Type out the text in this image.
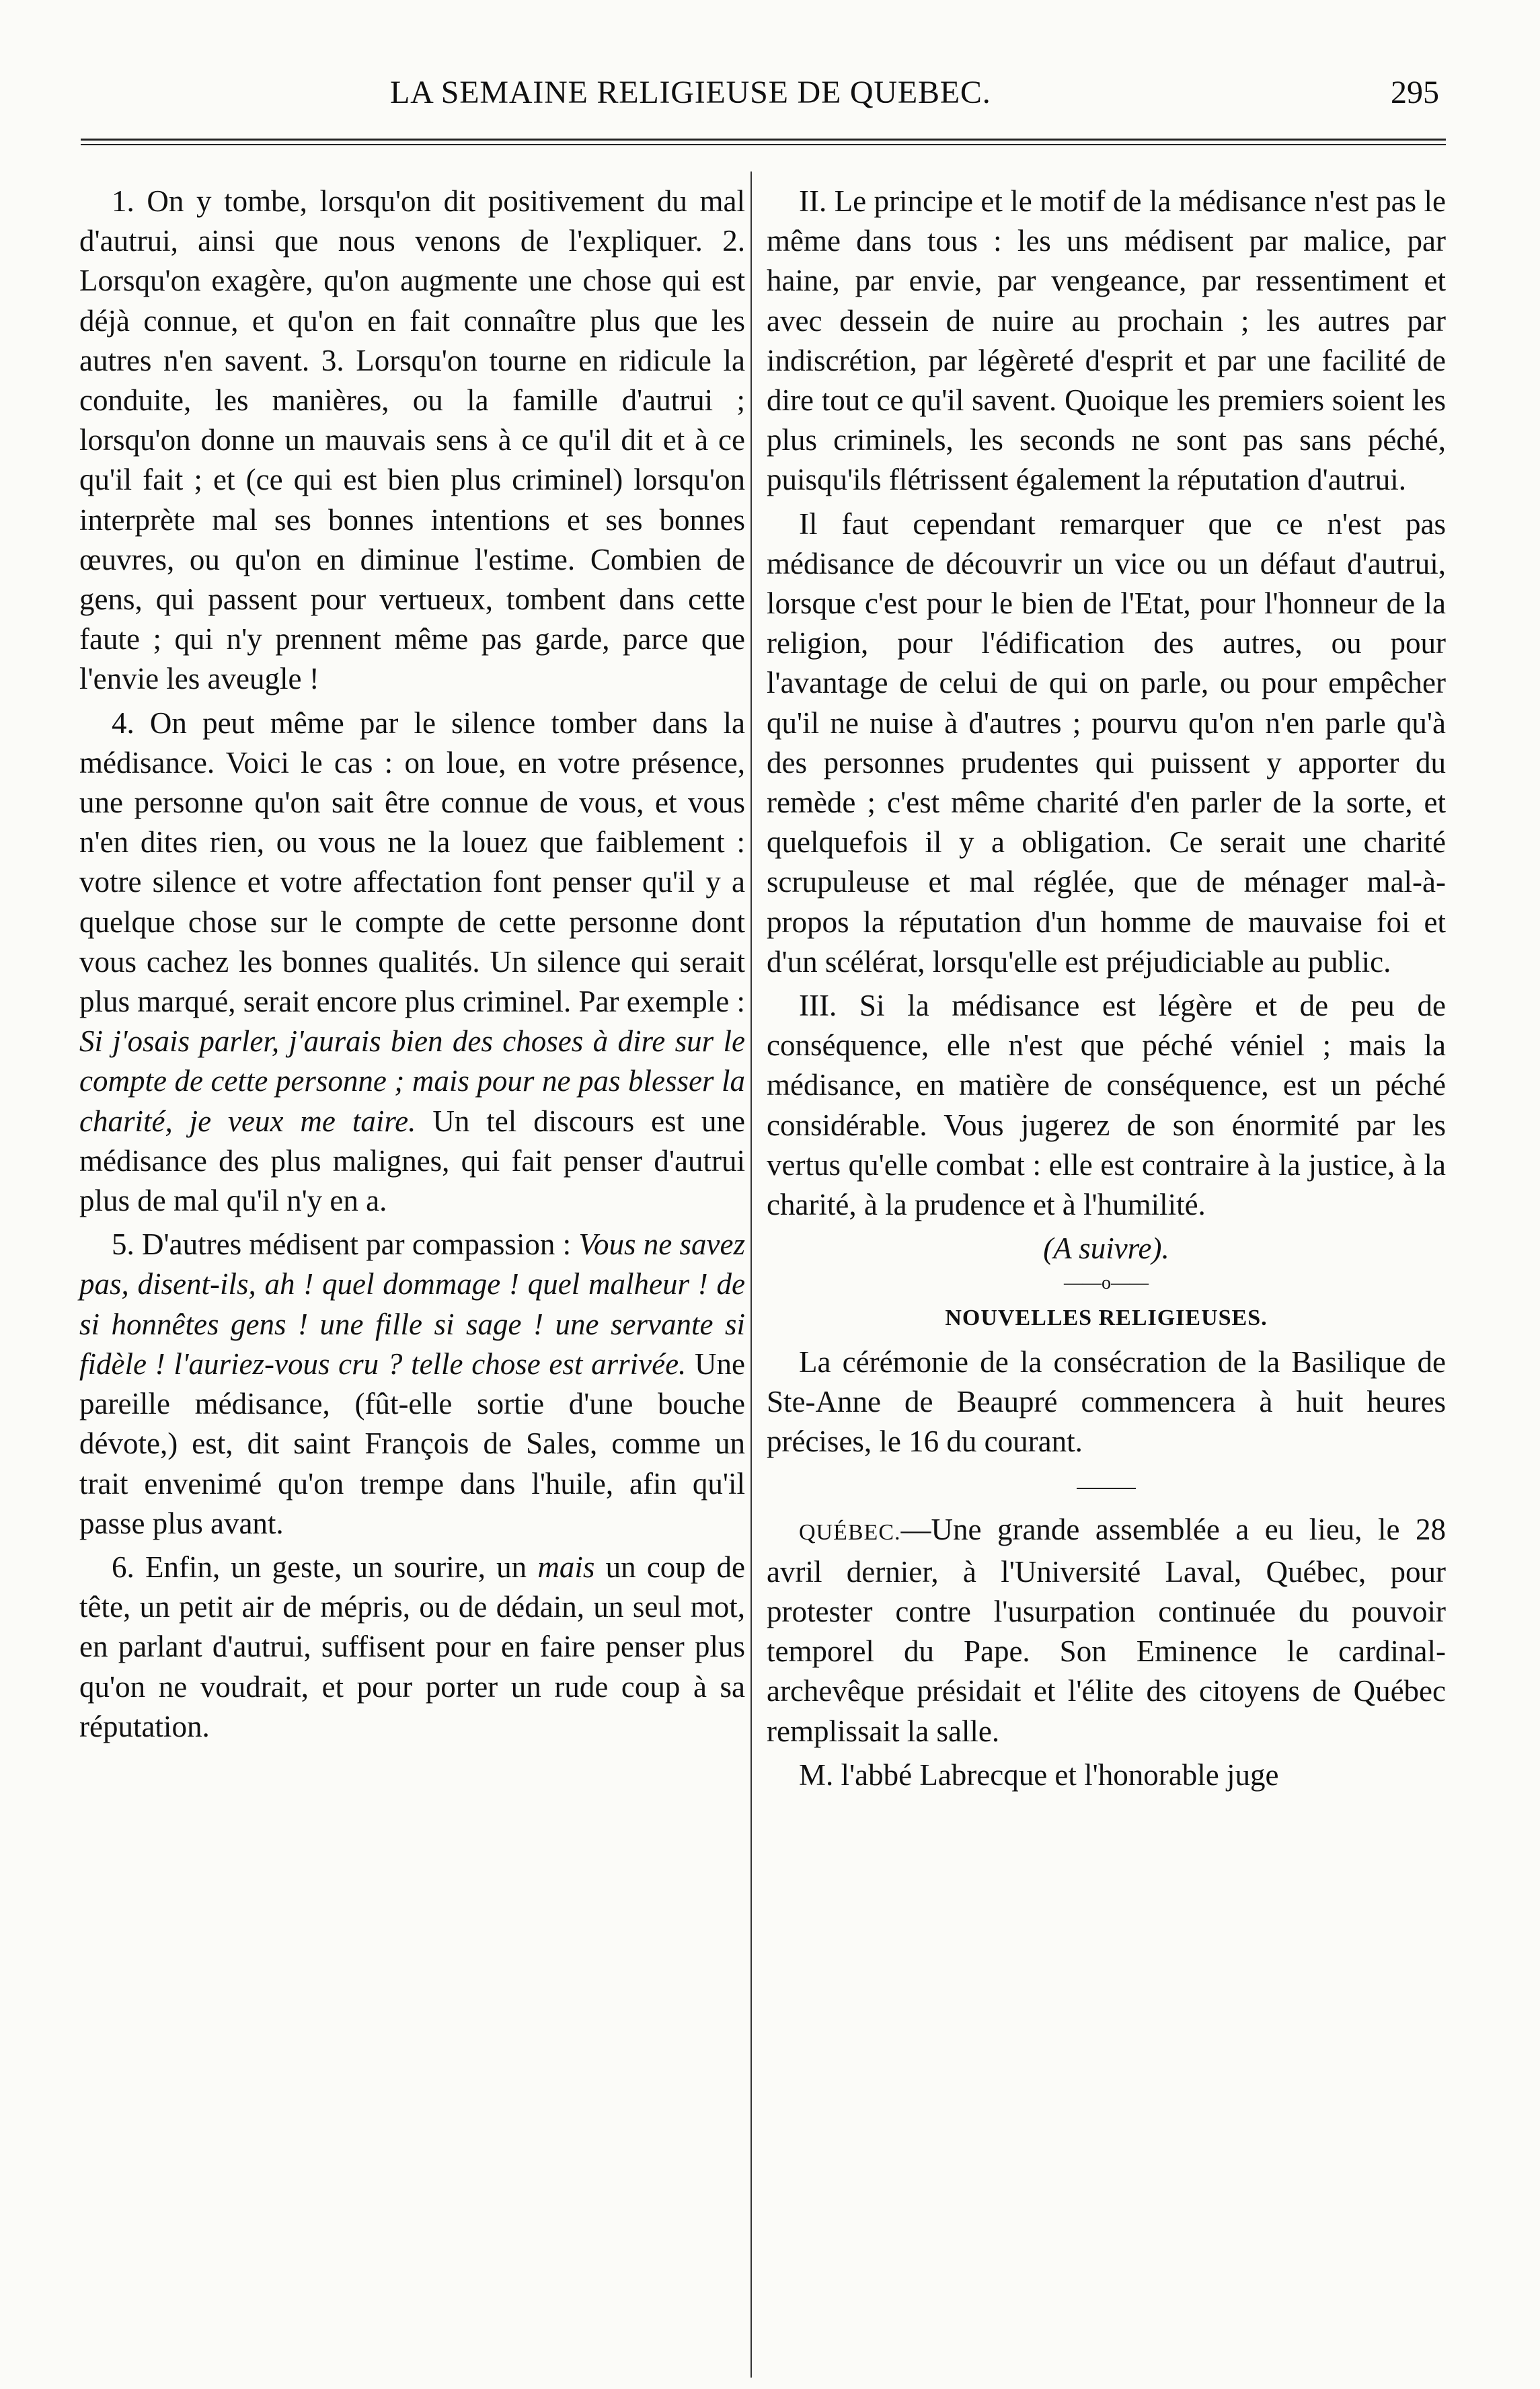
LA SEMAINE RELIGIEUSE DE QUEBEC.	295

1. On y tombe, lorsqu'on dit positivement du mal d'autrui, ainsi que nous venons de l'expliquer. 2. Lorsqu'on exagère, qu'on augmente une chose qui est déjà connue, et qu'on en fait connaître plus que les autres n'en savent. 3. Lorsqu'on tourne en ridicule la conduite, les manières, ou la famille d'autrui ; lorsqu'on donne un mauvais sens à ce qu'il dit et à ce qu'il fait ; et (ce qui est bien plus criminel) lorsqu'on interprète mal ses bonnes intentions et ses bonnes œuvres, ou qu'on en diminue l'estime. Combien de gens, qui passent pour vertueux, tombent dans cette faute ; qui n'y prennent même pas garde, parce que l'envie les aveugle !

4. On peut même par le silence tomber dans la médisance. Voici le cas : on loue, en votre présence, une personne qu'on sait être connue de vous, et vous n'en dites rien, ou vous ne la louez que faiblement : votre silence et votre affectation font penser qu'il y a quelque chose sur le compte de cette personne dont vous cachez les bonnes qualités. Un silence qui serait plus marqué, serait encore plus criminel. Par exemple : Si j'osais parler, j'aurais bien des choses à dire sur le compte de cette personne ; mais pour ne pas blesser la charité, je veux me taire. Un tel discours est une médisance des plus malignes, qui fait penser d'autrui plus de mal qu'il n'y en a.

5. D'autres médisent par compassion : Vous ne savez pas, disent-ils, ah ! quel dommage ! quel malheur ! de si honnêtes gens ! une fille si sage ! une servante si fidèle ! l'auriez-vous cru ? telle chose est arrivée. Une pareille médisance, (fût-elle sortie d'une bouche dévote,) est, dit saint François de Sales, comme un trait envenimé qu'on trempe dans l'huile, afin qu'il passe plus avant.

6. Enfin, un geste, un sourire, un mais un coup de tête, un petit air de mépris, ou de dédain, un seul mot, en parlant d'autrui, suffisent pour en faire penser plus qu'on ne voudrait, et pour porter un rude coup à sa réputation.

II. Le principe et le motif de la médisance n'est pas le même dans tous : les uns médisent par malice, par haine, par envie, par vengeance, par ressentiment et avec dessein de nuire au prochain ; les autres par indiscrétion, par légèreté d'esprit et par une facilité de dire tout ce qu'il savent. Quoique les premiers soient les plus criminels, les seconds ne sont pas sans péché, puisqu'ils flétrissent également la réputation d'autrui.

Il faut cependant remarquer que ce n'est pas médisance de découvrir un vice ou un défaut d'autrui, lorsque c'est pour le bien de l'Etat, pour l'honneur de la religion, pour l'édification des autres, ou pour l'avantage de celui de qui on parle, ou pour empêcher qu'il ne nuise à d'autres ; pourvu qu'on n'en parle qu'à des personnes prudentes qui puissent y apporter du remède ; c'est même charité d'en parler de la sorte, et quelquefois il y a obligation. Ce serait une charité scrupuleuse et mal réglée, que de ménager mal-à-propos la réputation d'un homme de mauvaise foi et d'un scélérat, lorsqu'elle est préjudiciable au public.

III. Si la médisance est légère et de peu de conséquence, elle n'est que péché véniel ; mais la médisance, en matière de conséquence, est un péché considérable. Vous jugerez de son énormité par les vertus qu'elle combat : elle est contraire à la justice, à la charité, à la prudence et à l'humilité.

(A suivre).

——o——

NOUVELLES RELIGIEUSES.

La cérémonie de la consécration de la Basilique de Ste-Anne de Beaupré commencera à huit heures précises, le 16 du courant.

QUÉBEC.—Une grande assemblée a eu lieu, le 28 avril dernier, à l'Université Laval, Québec, pour protester contre l'usurpation continuée du pouvoir temporel du Pape. Son Eminence le cardinal-archevêque présidait et l'élite des citoyens de Québec remplissait la salle.

M. l'abbé Labrecque et l'honorable juge
